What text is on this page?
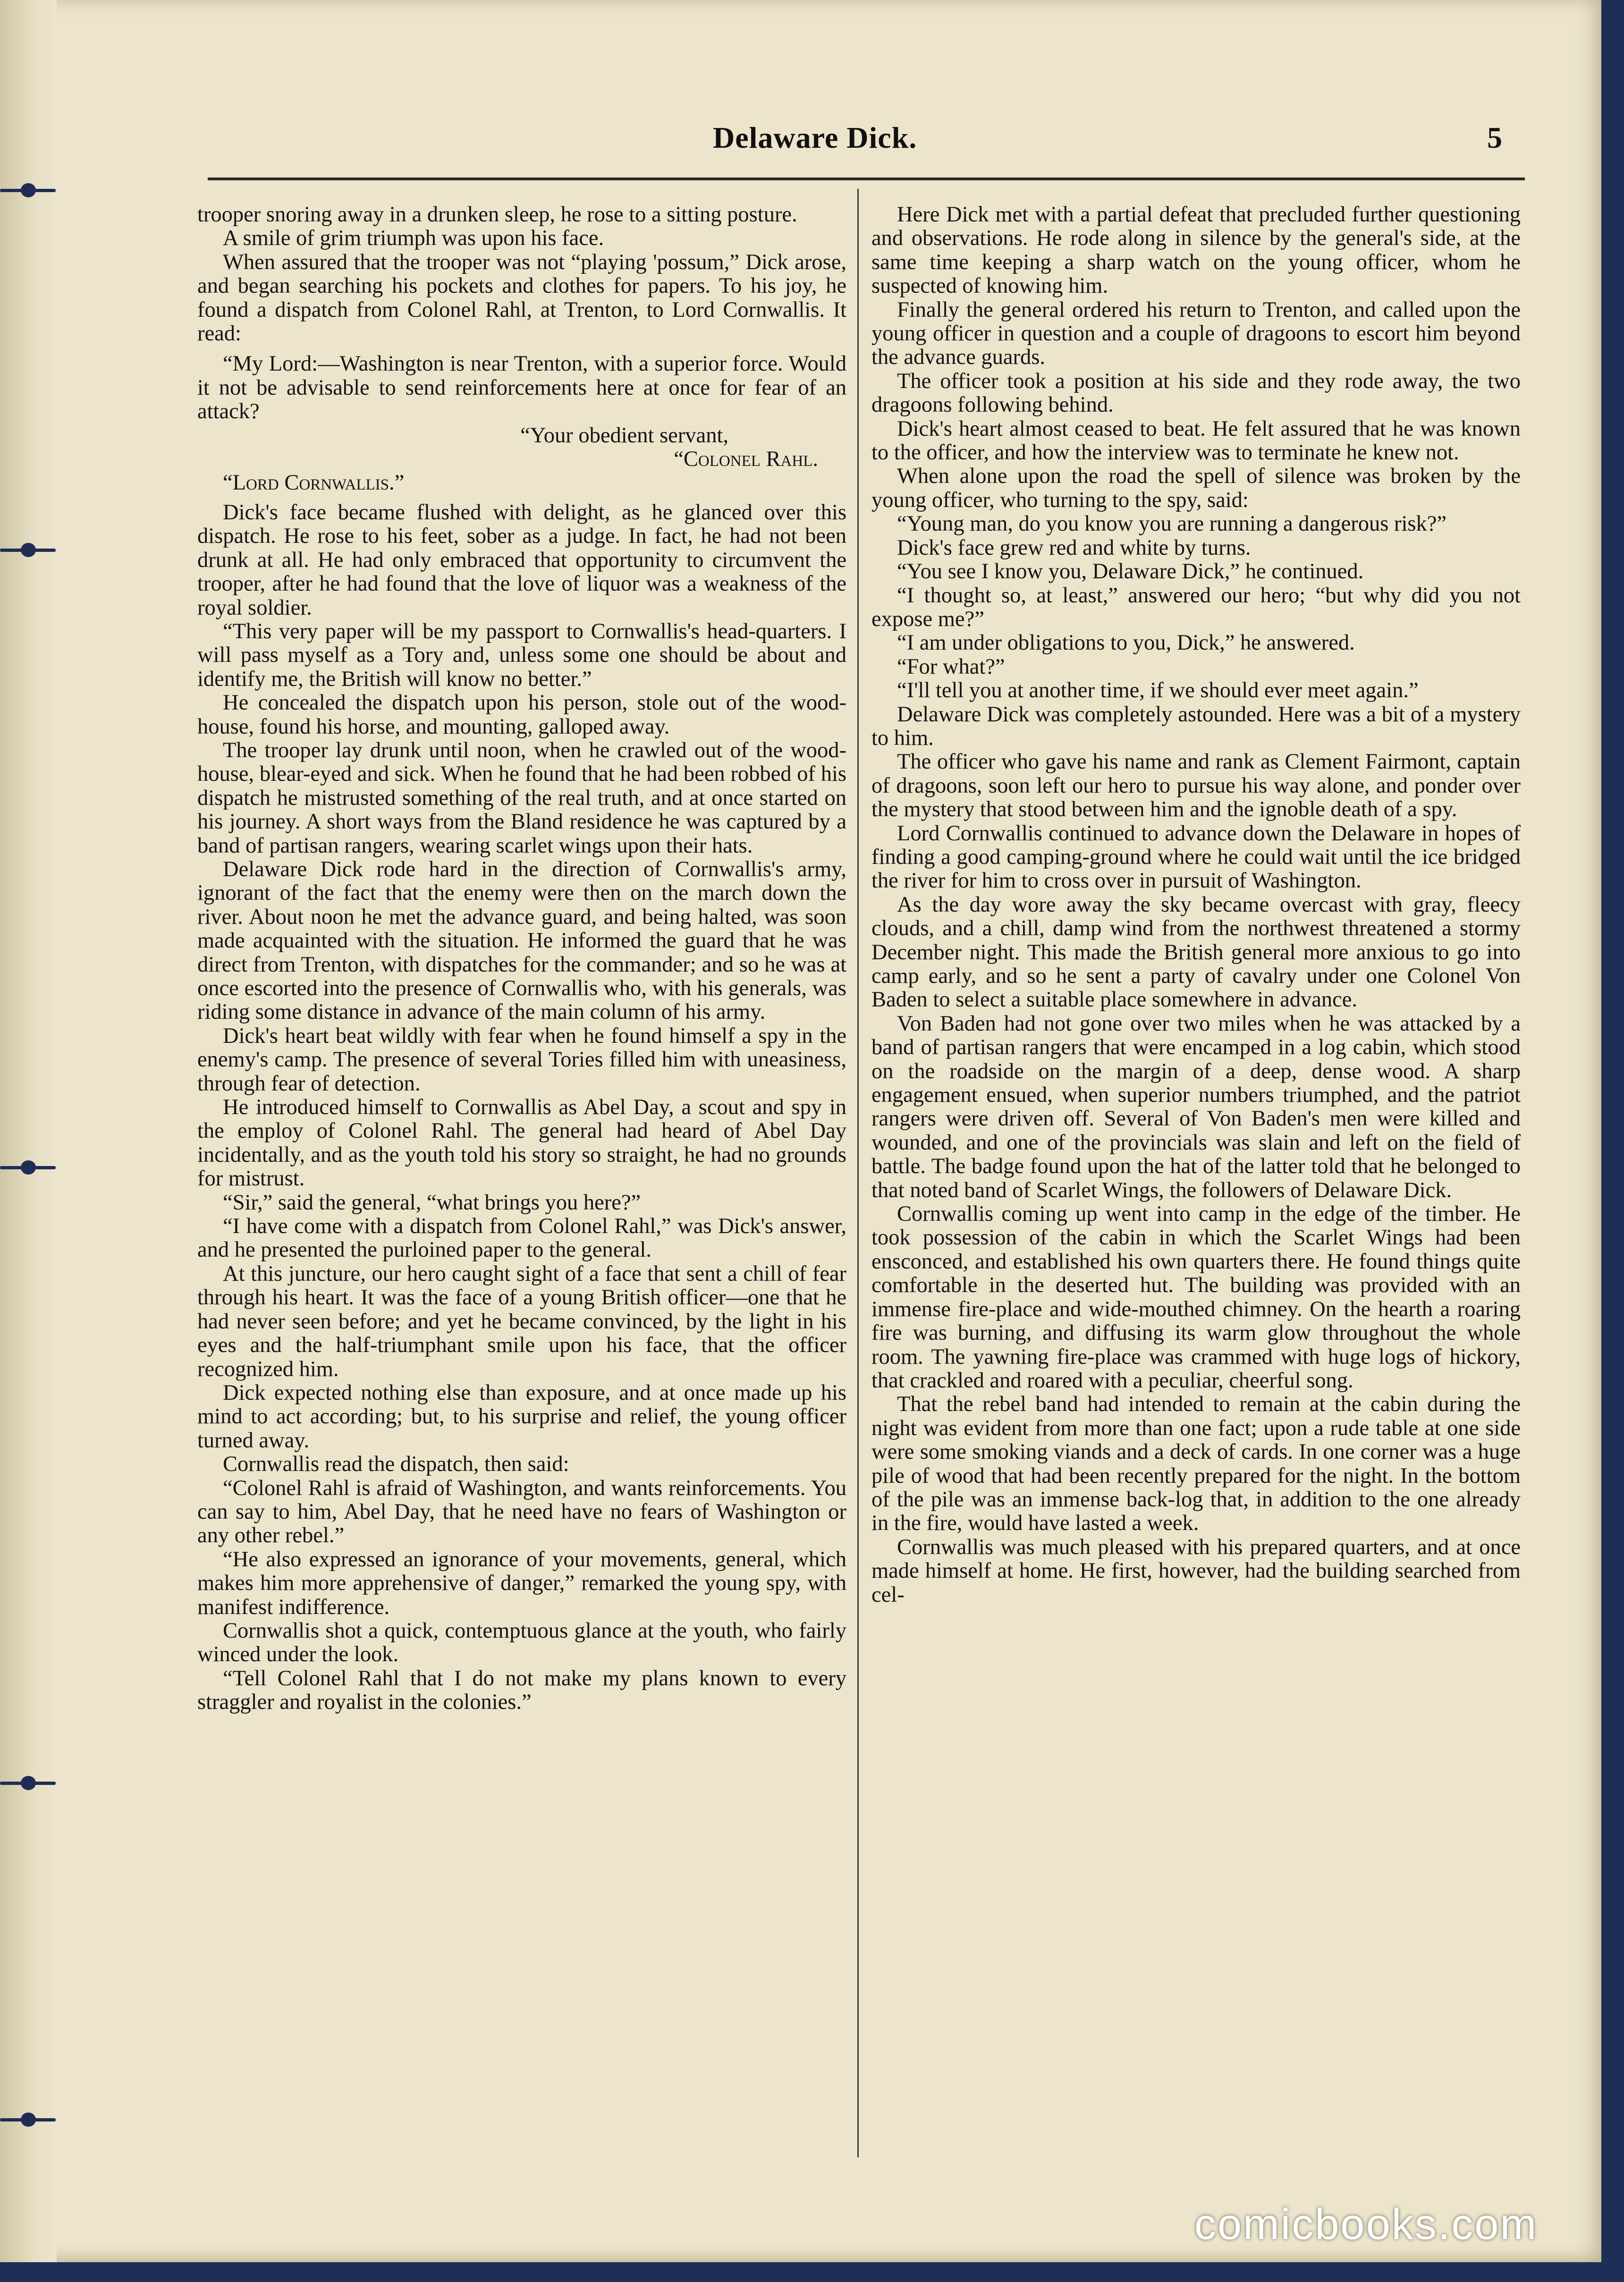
Delaware Dick.	5

trooper snoring away in a drunken sleep, he rose to a sitting posture.

A smile of grim triumph was upon his face.

When assured that the trooper was not “playing 'possum,” Dick arose, and began searching his pockets and clothes for papers. To his joy, he found a dispatch from Colonel Rahl, at Trenton, to Lord Cornwallis. It read:

“My Lord:—Washington is near Trenton, with a superior force. Would it not be advisable to send reinforcements here at once for fear of an attack?

“Your obedient servant,

“Colonel Rahl.

“Lord Cornwallis.”

Dick's face became flushed with delight, as he glanced over this dispatch. He rose to his feet, sober as a judge. In fact, he had not been drunk at all. He had only embraced that opportunity to circumvent the trooper, after he had found that the love of liquor was a weakness of the royal soldier.

“This very paper will be my passport to Cornwallis's head-quarters. I will pass myself as a Tory and, unless some one should be about and identify me, the British will know no better.”

He concealed the dispatch upon his person, stole out of the wood-house, found his horse, and mounting, galloped away.

The trooper lay drunk until noon, when he crawled out of the wood-house, blear-eyed and sick. When he found that he had been robbed of his dispatch he mistrusted something of the real truth, and at once started on his journey. A short ways from the Bland residence he was captured by a band of partisan rangers, wearing scarlet wings upon their hats.

Delaware Dick rode hard in the direction of Cornwallis's army, ignorant of the fact that the enemy were then on the march down the river. About noon he met the advance guard, and being halted, was soon made acquainted with the situation. He informed the guard that he was direct from Trenton, with dispatches for the commander; and so he was at once escorted into the presence of Cornwallis who, with his generals, was riding some distance in advance of the main column of his army.

Dick's heart beat wildly with fear when he found himself a spy in the enemy's camp. The presence of several Tories filled him with uneasiness, through fear of detection.

He introduced himself to Cornwallis as Abel Day, a scout and spy in the employ of Colonel Rahl. The general had heard of Abel Day incidentally, and as the youth told his story so straight, he had no grounds for mistrust.

“Sir,” said the general, “what brings you here?”

“I have come with a dispatch from Colonel Rahl,” was Dick's answer, and he presented the purloined paper to the general.

At this juncture, our hero caught sight of a face that sent a chill of fear through his heart. It was the face of a young British officer—one that he had never seen before; and yet he became convinced, by the light in his eyes and the half-triumphant smile upon his face, that the officer recognized him.

Dick expected nothing else than exposure, and at once made up his mind to act according; but, to his surprise and relief, the young officer turned away.

Cornwallis read the dispatch, then said:

“Colonel Rahl is afraid of Washington, and wants reinforcements. You can say to him, Abel Day, that he need have no fears of Washington or any other rebel.”

“He also expressed an ignorance of your movements, general, which makes him more apprehensive of danger,” remarked the young spy, with manifest indifference.

Cornwallis shot a quick, contemptuous glance at the youth, who fairly winced under the look.

“Tell Colonel Rahl that I do not make my plans known to every straggler and royalist in the colonies.”

Here Dick met with a partial defeat that precluded further questioning and observations. He rode along in silence by the general's side, at the same time keeping a sharp watch on the young officer, whom he suspected of knowing him.

Finally the general ordered his return to Trenton, and called upon the young officer in question and a couple of dragoons to escort him beyond the advance guards.

The officer took a position at his side and they rode away, the two dragoons following behind.

Dick's heart almost ceased to beat. He felt assured that he was known to the officer, and how the interview was to terminate he knew not.

When alone upon the road the spell of silence was broken by the young officer, who turning to the spy, said:

“Young man, do you know you are running a dangerous risk?”

Dick's face grew red and white by turns.

“You see I know you, Delaware Dick,” he continued.

“I thought so, at least,” answered our hero; “but why did you not expose me?”

“I am under obligations to you, Dick,” he answered.

“For what?”

“I'll tell you at another time, if we should ever meet again.”

Delaware Dick was completely astounded. Here was a bit of a mystery to him.

The officer who gave his name and rank as Clement Fairmont, captain of dragoons, soon left our hero to pursue his way alone, and ponder over the mystery that stood between him and the ignoble death of a spy.

Lord Cornwallis continued to advance down the Delaware in hopes of finding a good camping-ground where he could wait until the ice bridged the river for him to cross over in pursuit of Washington.

As the day wore away the sky became overcast with gray, fleecy clouds, and a chill, damp wind from the northwest threatened a stormy December night. This made the British general more anxious to go into camp early, and so he sent a party of cavalry under one Colonel Von Baden to select a suitable place somewhere in advance.

Von Baden had not gone over two miles when he was attacked by a band of partisan rangers that were encamped in a log cabin, which stood on the roadside on the margin of a deep, dense wood. A sharp engagement ensued, when superior numbers triumphed, and the patriot rangers were driven off. Several of Von Baden's men were killed and wounded, and one of the provincials was slain and left on the field of battle. The badge found upon the hat of the latter told that he belonged to that noted band of Scarlet Wings, the followers of Delaware Dick.

Cornwallis coming up went into camp in the edge of the timber. He took possession of the cabin in which the Scarlet Wings had been ensconced, and established his own quarters there. He found things quite comfortable in the deserted hut. The building was provided with an immense fire-place and wide-mouthed chimney. On the hearth a roaring fire was burning, and diffusing its warm glow throughout the whole room. The yawning fire-place was crammed with huge logs of hickory, that crackled and roared with a peculiar, cheerful song.

That the rebel band had intended to remain at the cabin during the night was evident from more than one fact; upon a rude table at one side were some smoking viands and a deck of cards. In one corner was a huge pile of wood that had been recently prepared for the night. In the bottom of the pile was an immense back-log that, in addition to the one already in the fire, would have lasted a week.

Cornwallis was much pleased with his prepared quarters, and at once made himself at home. He first, however, had the building searched from cel-

comicbooks.com
